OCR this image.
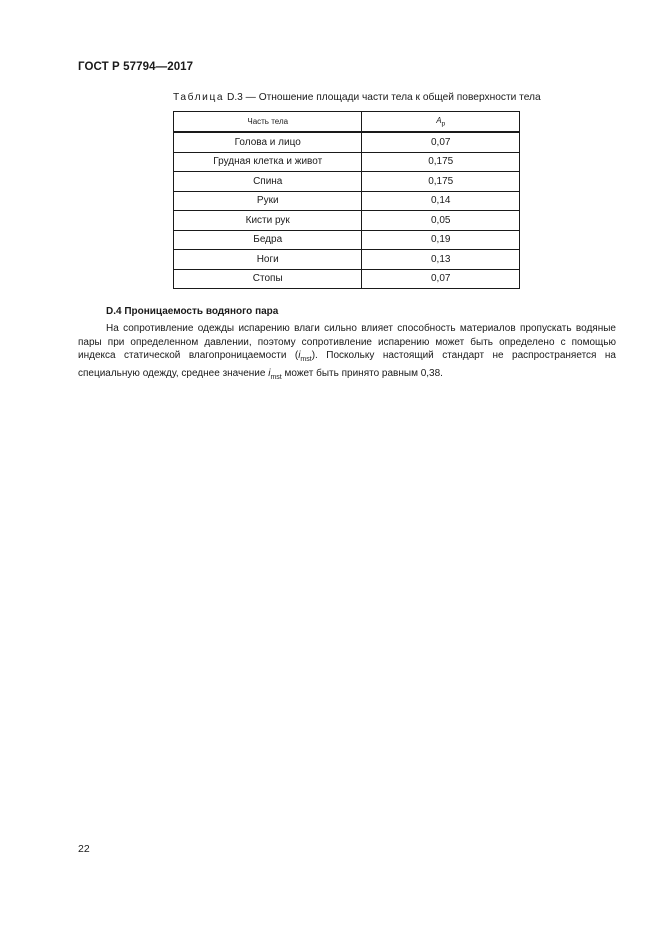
ГОСТ Р 57794—2017
Таблица D.3 — Отношение площади части тела к общей поверхности тела
Часть тела	$A_p$
Голова и лицо	0,07
Грудная клетка и живот	0,175
Спина	0,175
Руки	0,14
Кисти рук	0,05
Бедра	0,19
Ноги	0,13
Стопы	0,07
D.4 Проницаемость водяного пара

На сопротивление одежды испарению влаги сильно влияет способность материалов пропускать водяные пары при определенном давлении, поэтому сопротивление испарению может быть определено с помощью индекса статической влагопроницаемости $(i_{mst})$. Поскольку настоящий стандарт не распространяется на специальную одежду, среднее значение $i_{mst}$ может быть принято равным 0,38.

22
